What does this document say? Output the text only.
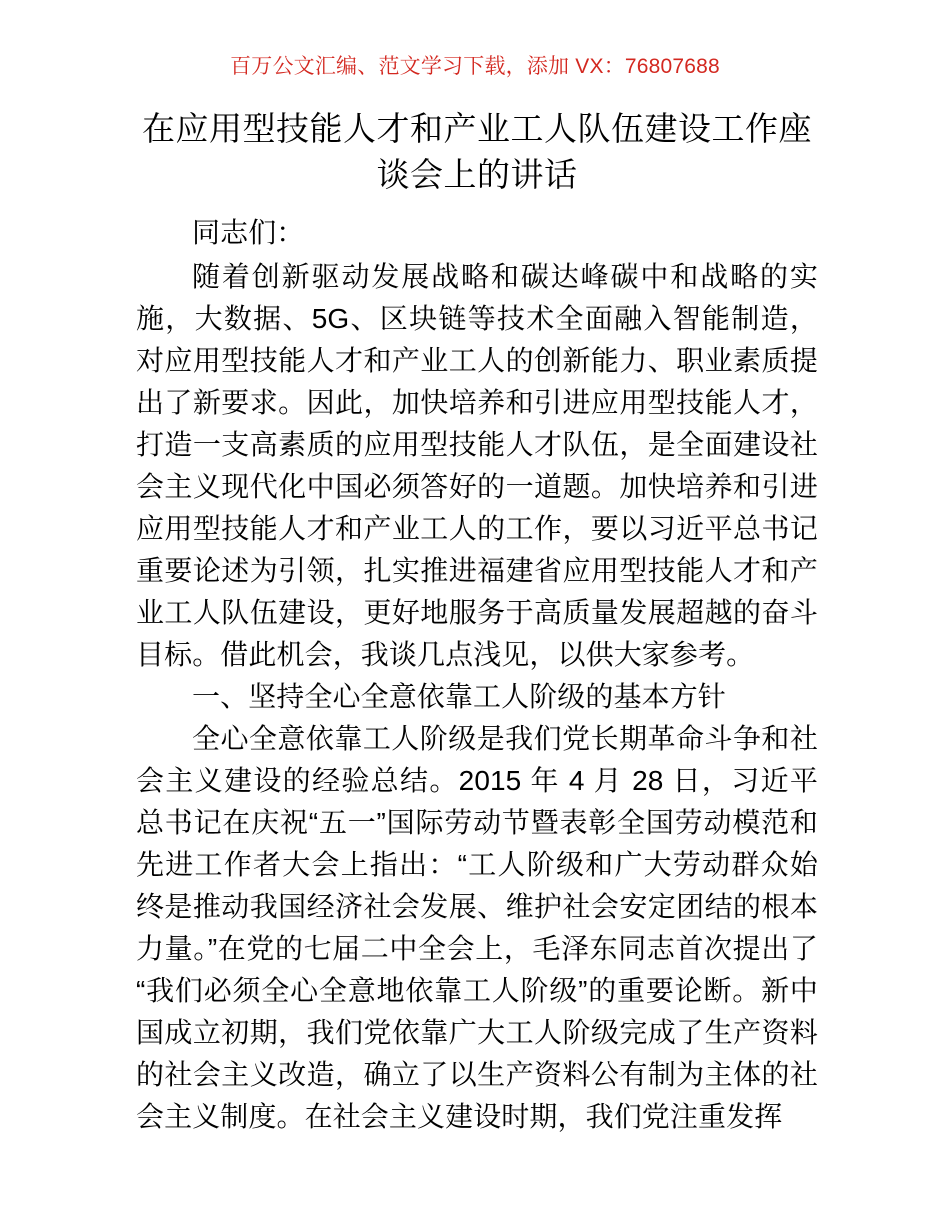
百万公文汇编、范文学习下载，添加 VX：76807688
在应用型技能人才和产业工人队伍建设工作座谈会上的讲话

同志们：

随着创新驱动发展战略和碳达峰碳中和战略的实施，大数据、5G、区块链等技术全面融入智能制造，对应用型技能人才和产业工人的创新能力、职业素质提出了新要求。因此，加快培养和引进应用型技能人才，打造一支高素质的应用型技能人才队伍，是全面建设社会主义现代化中国必须答好的一道题。加快培养和引进应用型技能人才和产业工人的工作，要以习近平总书记重要论述为引领，扎实推进福建省应用型技能人才和产业工人队伍建设，更好地服务于高质量发展超越的奋斗目标。借此机会，我谈几点浅见，以供大家参考。

一、坚持全心全意依靠工人阶级的基本方针

全心全意依靠工人阶级是我们党长期革命斗争和社会主义建设的经验总结。2015 年 4 月 28 日，习近平总书记在庆祝“五一”国际劳动节暨表彰全国劳动模范和先进工作者大会上指出：“工人阶级和广大劳动群众始终是推动我国经济社会发展、维护社会安定团结的根本力量。”在党的七届二中全会上，毛泽东同志首次提出了“我们必须全心全意地依靠工人阶级”的重要论断。新中国成立初期，我们党依靠广大工人阶级完成了生产资料的社会主义改造，确立了以生产资料公有制为主体的社会主义制度。在社会主义建设时期，我们党注重发挥
